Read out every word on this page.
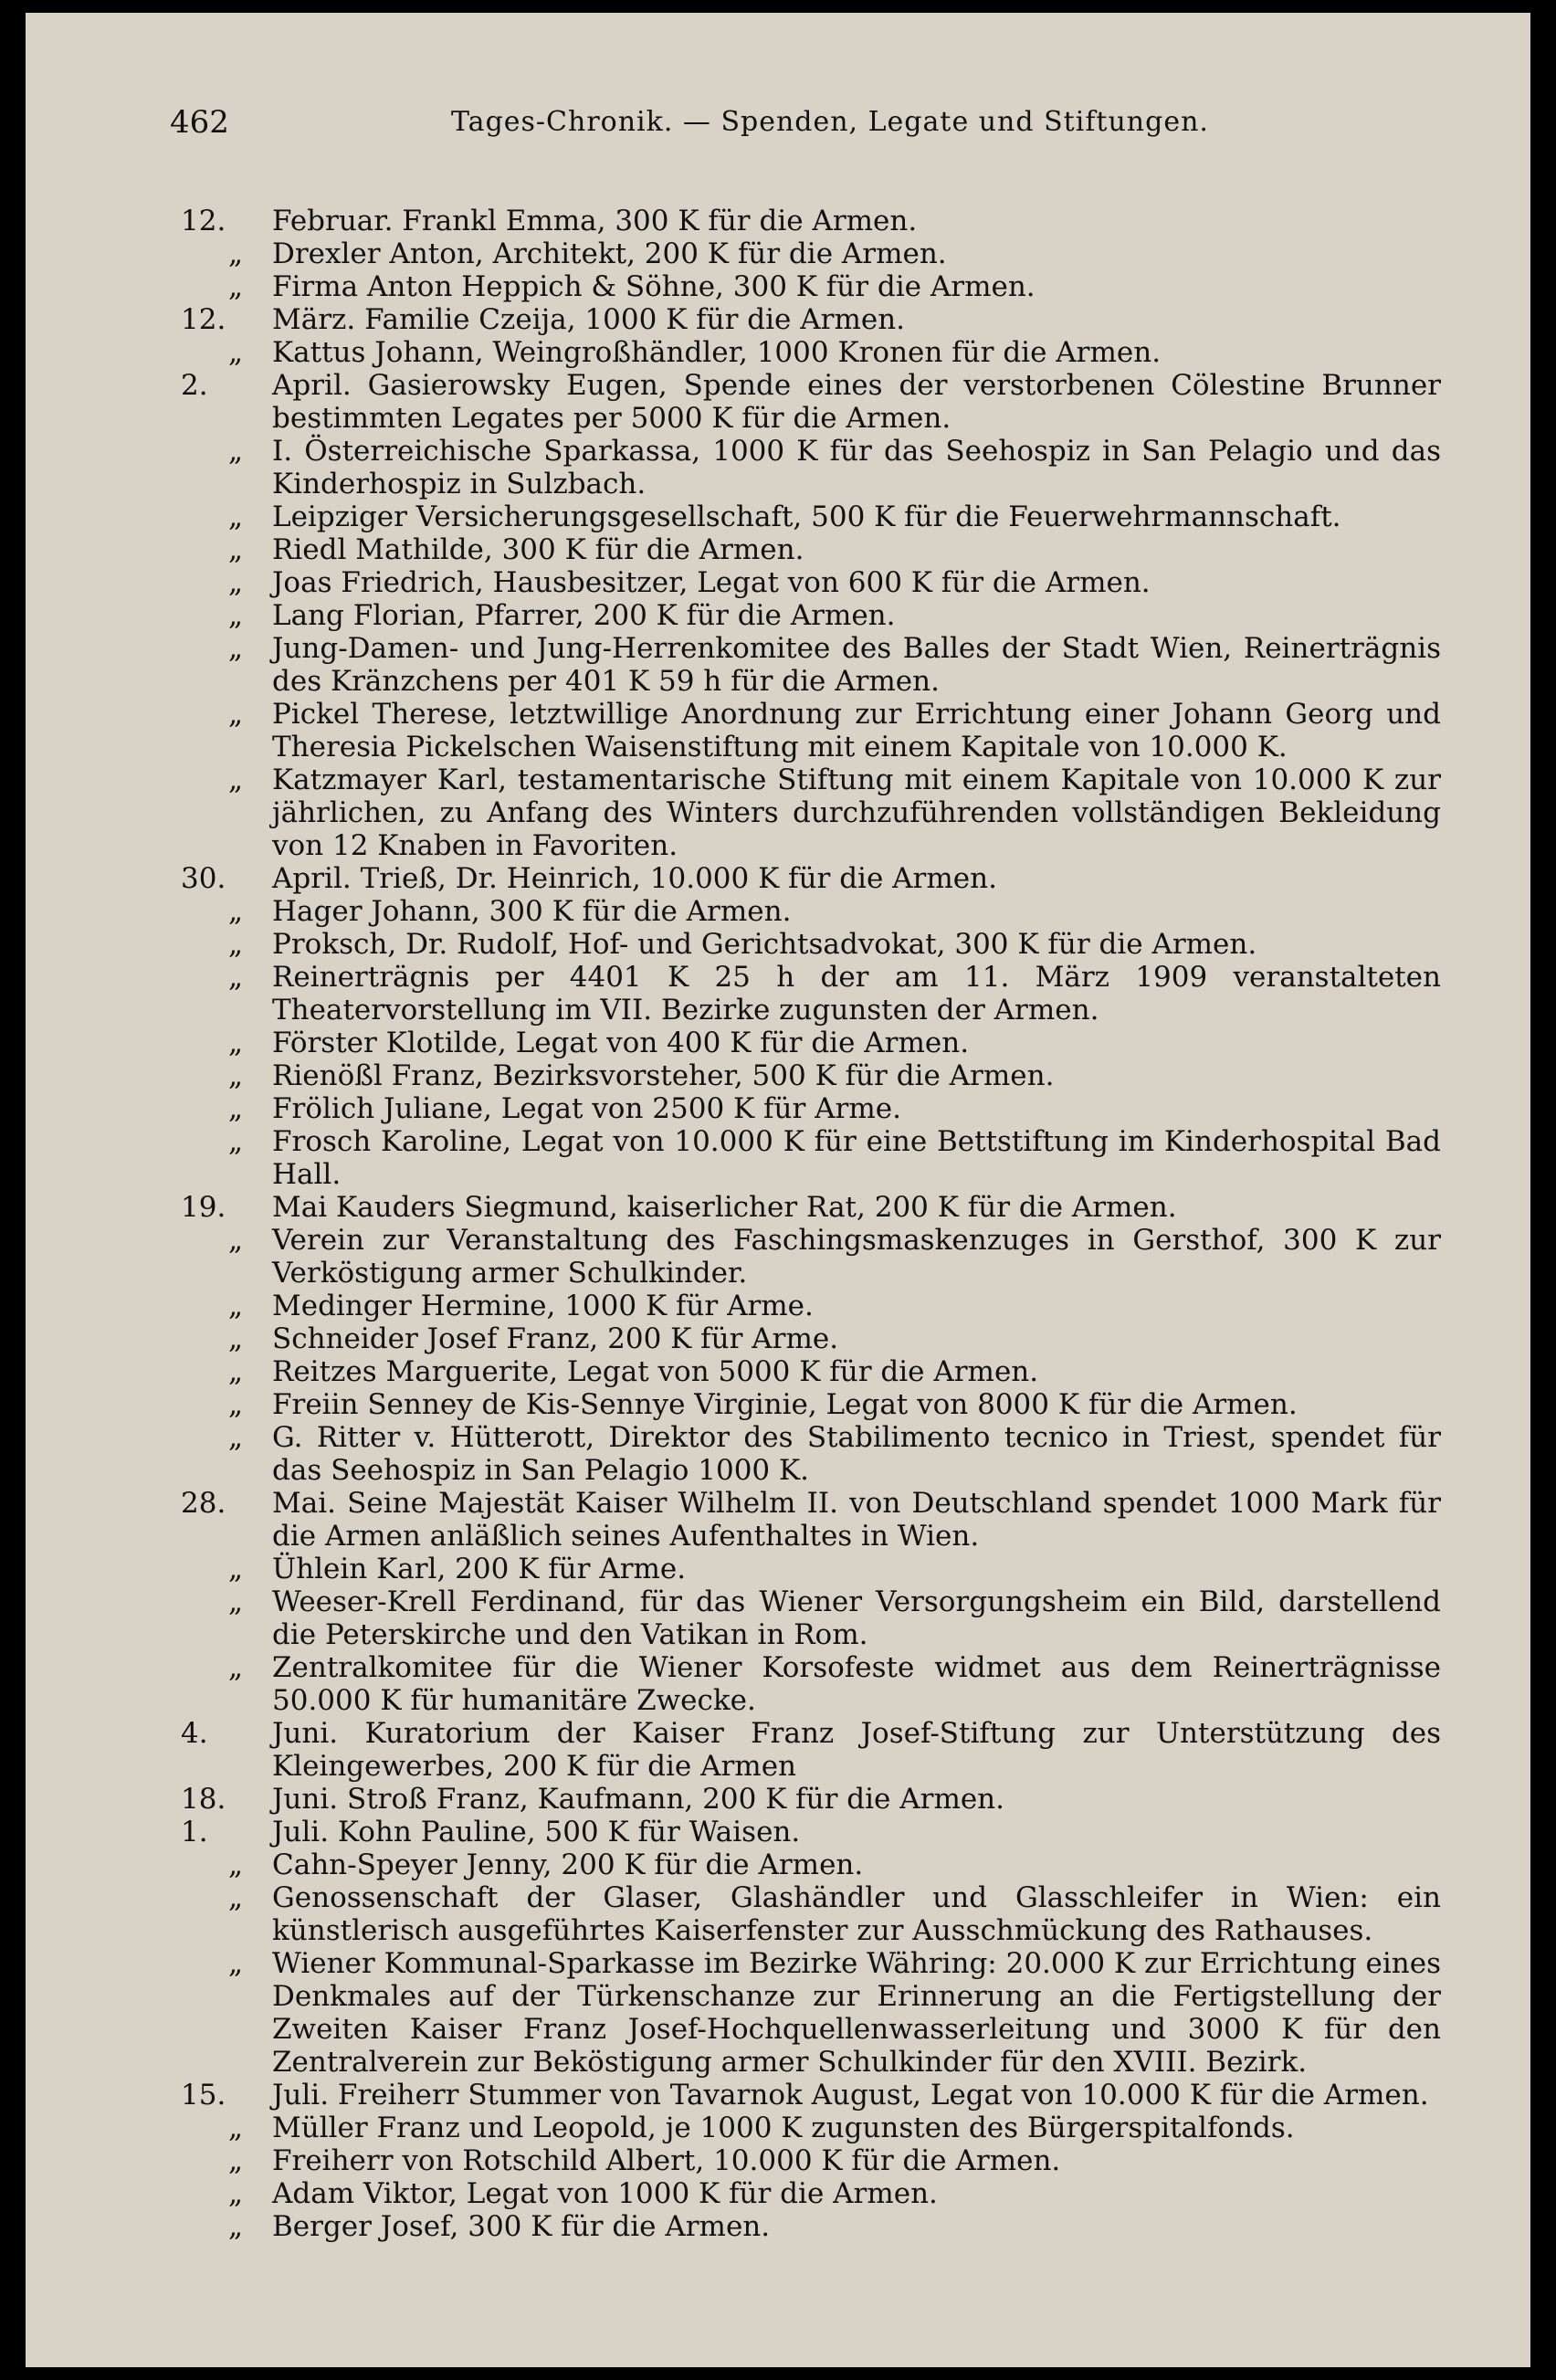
462	Tages-Chronik. — Spenden, Legate und Stiftungen.
12.	Februar. Frankl Emma, 300 K für die Armen.
„	Drexler Anton, Architekt, 200 K für die Armen.
„	Firma Anton Heppich & Söhne, 300 K für die Armen.
12.	März. Familie Czeija, 1000 K für die Armen.
„	Kattus Johann, Weingroßhändler, 1000 Kronen für die Armen.
2.	April. Gasierowsky Eugen, Spende eines der verstorbenen Cölestine Brunner bestimmten Legates per 5000 K für die Armen.
„	I. Österreichische Sparkassa, 1000 K für das Seehospiz in San Pelagio und das Kinderhospiz in Sulzbach.
„	Leipziger Versicherungsgesellschaft, 500 K für die Feuerwehrmannschaft.
„	Riedl Mathilde, 300 K für die Armen.
„	Joas Friedrich, Hausbesitzer, Legat von 600 K für die Armen.
„	Lang Florian, Pfarrer, 200 K für die Armen.
„	Jung-Damen- und Jung-Herrenkomitee des Balles der Stadt Wien, Reinerträgnis des Kränzchens per 401 K 59 h für die Armen.
„	Pickel Therese, letztwillige Anordnung zur Errichtung einer Johann Georg und Theresia Pickelschen Waisenstiftung mit einem Kapitale von 10.000 K.
„	Katzmayer Karl, testamentarische Stiftung mit einem Kapitale von 10.000 K zur jährlichen, zu Anfang des Winters durchzuführenden vollständigen Bekleidung von 12 Knaben in Favoriten.
30.	April. Trieß, Dr. Heinrich, 10.000 K für die Armen.
„	Hager Johann, 300 K für die Armen.
„	Proksch, Dr. Rudolf, Hof- und Gerichtsadvokat, 300 K für die Armen.
„	Reinerträgnis per 4401 K 25 h der am 11. März 1909 veranstalteten Theatervorstellung im VII. Bezirke zugunsten der Armen.
„	Förster Klotilde, Legat von 400 K für die Armen.
„	Rienößl Franz, Bezirksvorsteher, 500 K für die Armen.
„	Frölich Juliane, Legat von 2500 K für Arme.
„	Frosch Karoline, Legat von 10.000 K für eine Bettstiftung im Kinderhospital Bad Hall.
19.	Mai Kauders Siegmund, kaiserlicher Rat, 200 K für die Armen.
„	Verein zur Veranstaltung des Faschingsmaskenzuges in Gersthof, 300 K zur Verköstigung armer Schulkinder.
„	Medinger Hermine, 1000 K für Arme.
„	Schneider Josef Franz, 200 K für Arme.
„	Reitzes Marguerite, Legat von 5000 K für die Armen.
„	Freiin Senney de Kis-Sennye Virginie, Legat von 8000 K für die Armen.
„	G. Ritter v. Hütterott, Direktor des Stabilimento tecnico in Triest, spendet für das Seehospiz in San Pelagio 1000 K.
28.	Mai. Seine Majestät Kaiser Wilhelm II. von Deutschland spendet 1000 Mark für die Armen anläßlich seines Aufenthaltes in Wien.
„	Ühlein Karl, 200 K für Arme.
„	Weeser-Krell Ferdinand, für das Wiener Versorgungsheim ein Bild, darstellend die Peterskirche und den Vatikan in Rom.
„	Zentralkomitee für die Wiener Korsofeste widmet aus dem Reinerträgnisse 50.000 K für humanitäre Zwecke.
4.	Juni. Kuratorium der Kaiser Franz Josef-Stiftung zur Unterstützung des Kleingewerbes, 200 K für die Armen
18.	Juni. Stroß Franz, Kaufmann, 200 K für die Armen.
1.	Juli. Kohn Pauline, 500 K für Waisen.
„	Cahn-Speyer Jenny, 200 K für die Armen.
„	Genossenschaft der Glaser, Glashändler und Glasschleifer in Wien: ein künstlerisch ausgeführtes Kaiserfenster zur Ausschmückung des Rathauses.
„	Wiener Kommunal-Sparkasse im Bezirke Währing: 20.000 K zur Errichtung eines Denkmales auf der Türkenschanze zur Erinnerung an die Fertigstellung der Zweiten Kaiser Franz Josef-Hochquellenwasserleitung und 3000 K für den Zentralverein zur Beköstigung armer Schulkinder für den XVIII. Bezirk.
15.	Juli. Freiherr Stummer von Tavarnok August, Legat von 10.000 K für die Armen.
„	Müller Franz und Leopold, je 1000 K zugunsten des Bürgerspitalfonds.
„	Freiherr von Rotschild Albert, 10.000 K für die Armen.
„	Adam Viktor, Legat von 1000 K für die Armen.
„	Berger Josef, 300 K für die Armen.
